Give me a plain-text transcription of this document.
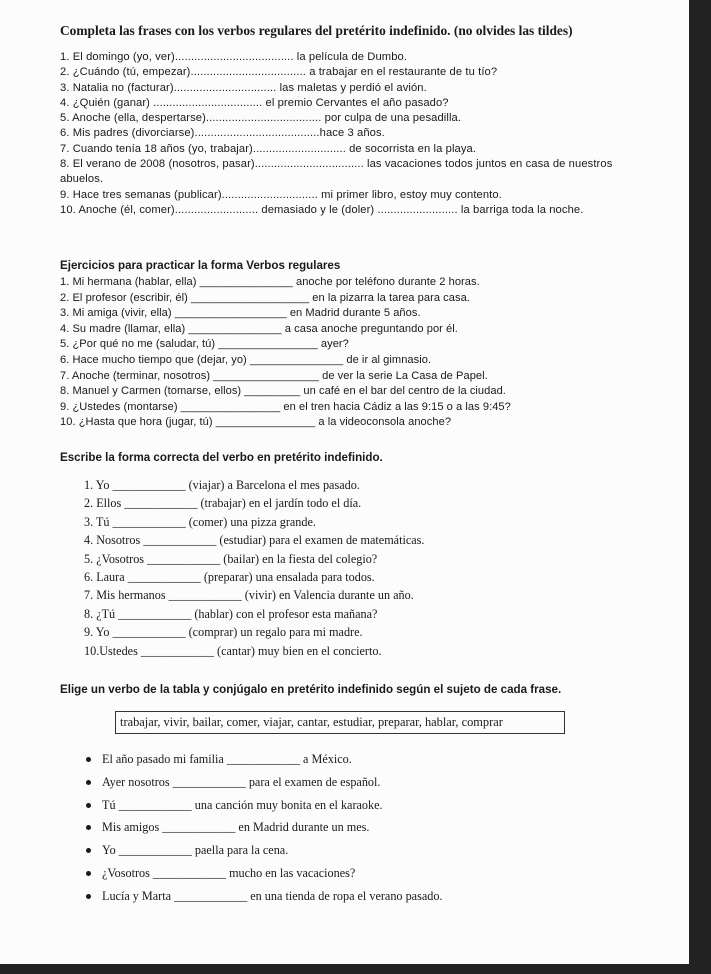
Completa las frases con los verbos regulares del pretérito indefinido. (no olvides las tildes)

1. El domingo (yo, ver)..................................... la película de Dumbo.

2. ¿Cuándo (tú, empezar).................................... a trabajar en el restaurante de tu tío?

3. Natalia no (facturar)................................ las maletas y perdió el avión.

4. ¿Quién (ganar) .................................. el premio Cervantes el año pasado?

5. Anoche (ella, despertarse).................................... por culpa de una pesadilla.

6. Mis padres (divorciarse).......................................hace 3 años.

7. Cuando tenía 18 años (yo, trabajar)............................. de socorrista en la playa.

8. El verano de 2008 (nosotros, pasar).................................. las vacaciones todos juntos en casa de nuestros abuelos.

9. Hace tres semanas (publicar).............................. mi primer libro, estoy muy contento.

10. Anoche (él, comer).......................... demasiado y le (doler) ......................... la barriga toda la noche.

Ejercicios para practicar la forma Verbos regulares

1. Mi hermana (hablar, ella) _______________ anoche por teléfono durante 2 horas.

2. El profesor (escribir, él) ___________________ en la pizarra la tarea para casa.

3. Mi amiga (vivir, ella) __________________ en Madrid durante 5 años.

4. Su madre (llamar, ella) _______________ a casa anoche preguntando por él.

5. ¿Por qué no me (saludar, tú) ________________ ayer?

6. Hace mucho tiempo que (dejar, yo) _______________ de ir al gimnasio.

7. Anoche (terminar, nosotros) _________________ de ver la serie La Casa de Papel.

8. Manuel y Carmen (tomarse, ellos) _________ un café en el bar del centro de la ciudad.

9. ¿Ustedes (montarse) ________________ en el tren hacia Cádiz a las 9:15 o a las 9:45?

10. ¿Hasta que hora (jugar, tú) ________________ a la videoconsola anoche?

Escribe la forma correcta del verbo en pretérito indefinido.
1. Yo ____________ (viajar) a Barcelona el mes pasado.
2. Ellos ____________ (trabajar) en el jardín todo el día.
3. Tú ____________ (comer) una pizza grande.
4. Nosotros ____________ (estudiar) para el examen de matemáticas.
5. ¿Vosotros ____________ (bailar) en la fiesta del colegio?
6. Laura ____________ (preparar) una ensalada para todos.
7. Mis hermanos ____________ (vivir) en Valencia durante un año.
8. ¿Tú ____________ (hablar) con el profesor esta mañana?
9. Yo ____________ (comprar) un regalo para mi madre.
10.Ustedes ____________ (cantar) muy bien en el concierto.
Elige un verbo de la tabla y conjúgalo en pretérito indefinido según el sujeto de cada frase.
trabajar, vivir, bailar, comer, viajar, cantar, estudiar, preparar, hablar, comprar
El año pasado mi familia ____________ a México.
Ayer nosotros ____________ para el examen de español.
Tú ____________ una canción muy bonita en el karaoke.
Mis amigos ____________ en Madrid durante un mes.
Yo ____________ paella para la cena.
¿Vosotros ____________ mucho en las vacaciones?
Lucía y Marta ____________ en una tienda de ropa el verano pasado.
